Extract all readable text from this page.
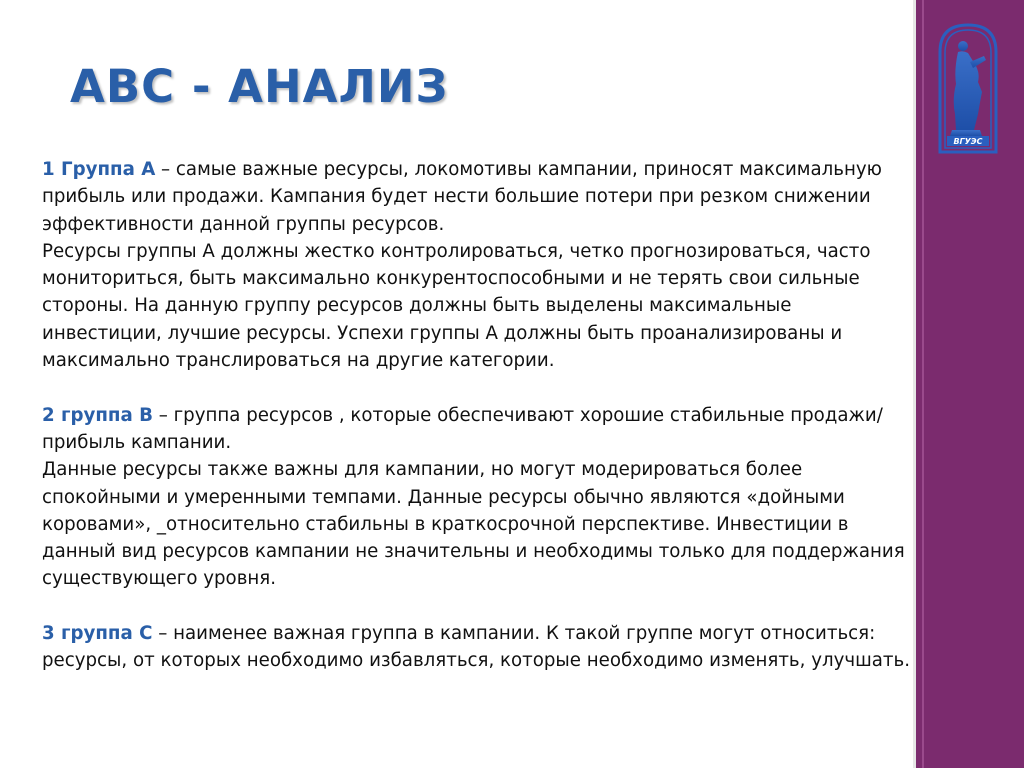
ABC - АНАЛИЗ

1 Группа А – самые важные ресурсы, локомотивы кампании, приносят максимальную прибыль или продажи. Кампания будет нести большие потери при резком снижении эффективности данной группы ресурсов.

Ресурсы группы А должны жестко контролироваться, четко прогнозироваться, часто мониториться, быть максимально конкурентоспособными и не терять свои сильные стороны. На данную группу ресурсов должны быть выделены максимальные инвестиции, лучшие ресурсы. Успехи группы А должны быть проанализированы и максимально транслироваться на другие категории.

2 группа В – группа ресурсов , которые обеспечивают хорошие стабильные продажи/ прибыль кампании.

Данные ресурсы также важны для кампании, но могут модерироваться более спокойными и умеренными темпами. Данные ресурсы обычно являются «дойными коровами», _относительно стабильны в краткосрочной перспективе. Инвестиции в данный вид ресурсов кампании не значительны и необходимы только для поддержания существующего уровня.

3 группа С – наименее важная группа в кампании. К такой группе могут относиться: ресурсы, от которых необходимо избавляться, которые необходимо изменять, улучшать.

ВГУЭС
